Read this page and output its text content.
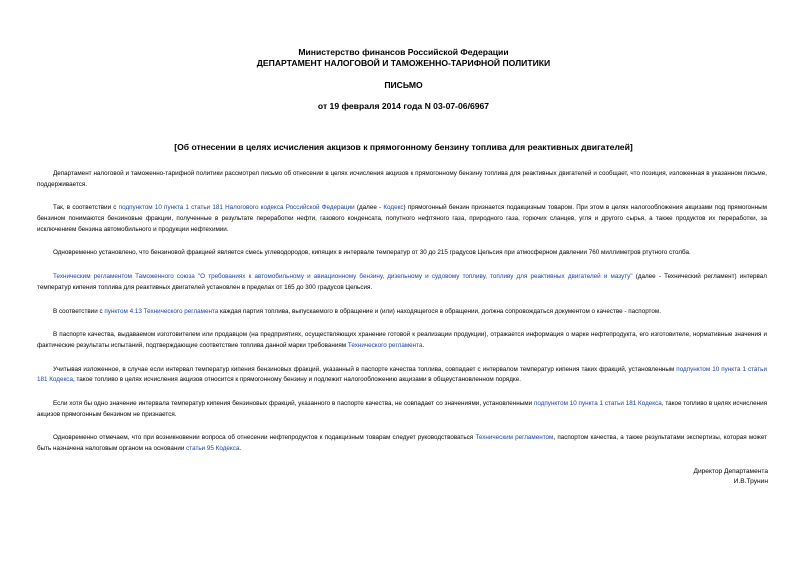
Министерство финансов Российской Федерации
ДЕПАРТАМЕНТ НАЛОГОВОЙ И ТАМОЖЕННО-ТАРИФНОЙ ПОЛИТИКИ
ПИСЬМО
от 19 февраля 2014 года N 03-07-06/6967
[Об отнесении в целях исчисления акцизов к прямогонному бензину топлива для реактивных двигателей]

Департамент налоговой и таможенно-тарифной политики рассмотрел письмо об отнесении в целях исчисления акцизов к прямогонному бензину топлива для реактивных двигателей и сообщает, что позиция, изложенная в указанном письме, поддерживается.

Так, в соответствии с подпунктом 10 пункта 1 статьи 181 Налогового кодекса Российской Федерации (далее - Кодекс) прямогонный бензин признается подакцизным товаром. При этом в целях налогообложения акцизами под прямогонным бензином понимаются бензиновые фракции, полученные в результате переработки нефти, газового конденсата, попутного нефтяного газа, природного газа, горючих сланцев, угля и другого сырья, а также продуктов их переработки, за исключением бензина автомобильного и продукции нефтехимии.

Одновременно установлено, что бензиновой фракцией является смесь углеводородов, кипящих в интервале температур от 30 до 215 градусов Цельсия при атмосферном давлении 760 миллиметров ртутного столба.

Техническим регламентом Таможенного союза "О требованиях к автомобильному и авиационному бензину, дизельному и судовому топливу, топливу для реактивных двигателей и мазуту" (далее - Технический регламент) интервал температур кипения топлива для реактивных двигателей установлен в пределах от 165 до 300 градусов Цельсия.

В соответствии с пунктом 4.13 Технического регламента каждая партия топлива, выпускаемого в обращение и (или) находящегося в обращении, должна сопровождаться документом о качестве - паспортом.

В паспорте качества, выдаваемом изготовителем или продавцом (на предприятиях, осуществляющих хранение готовой к реализации продукции), отражается информация о марке нефтепродукта, его изготовителе, нормативные значения и фактические результаты испытаний, подтверждающие соответствие топлива данной марки требованиям Технического регламента.

Учитывая изложенное, в случае если интервал температур кипения бензиновых фракций, указанный в паспорте качества топлива, совпадает с интервалом температур кипения таких фракций, установленным подпунктом 10 пункта 1 статьи 181 Кодекса, такое топливо в целях исчисления акцизов относится к прямогонному бензину и подлежит налогообложению акцизами в общеустановленном порядке.

Если хотя бы одно значение интервала температур кипения бензиновых фракций, указанного в паспорте качества, не совпадает со значениями, установленными подпунктом 10 пункта 1 статьи 181 Кодекса, такое топливо в целях исчисления акцизов прямогонным бензином не признается.

Одновременно отмечаем, что при возникновении вопроса об отнесении нефтепродуктов к подакцизным товарам следует руководствоваться Техническим регламентом, паспортом качества, а также результатами экспертизы, которая может быть назначена налоговым органом на основании статьи 95 Кодекса.

Директор Департамента
И.В.Трунин
